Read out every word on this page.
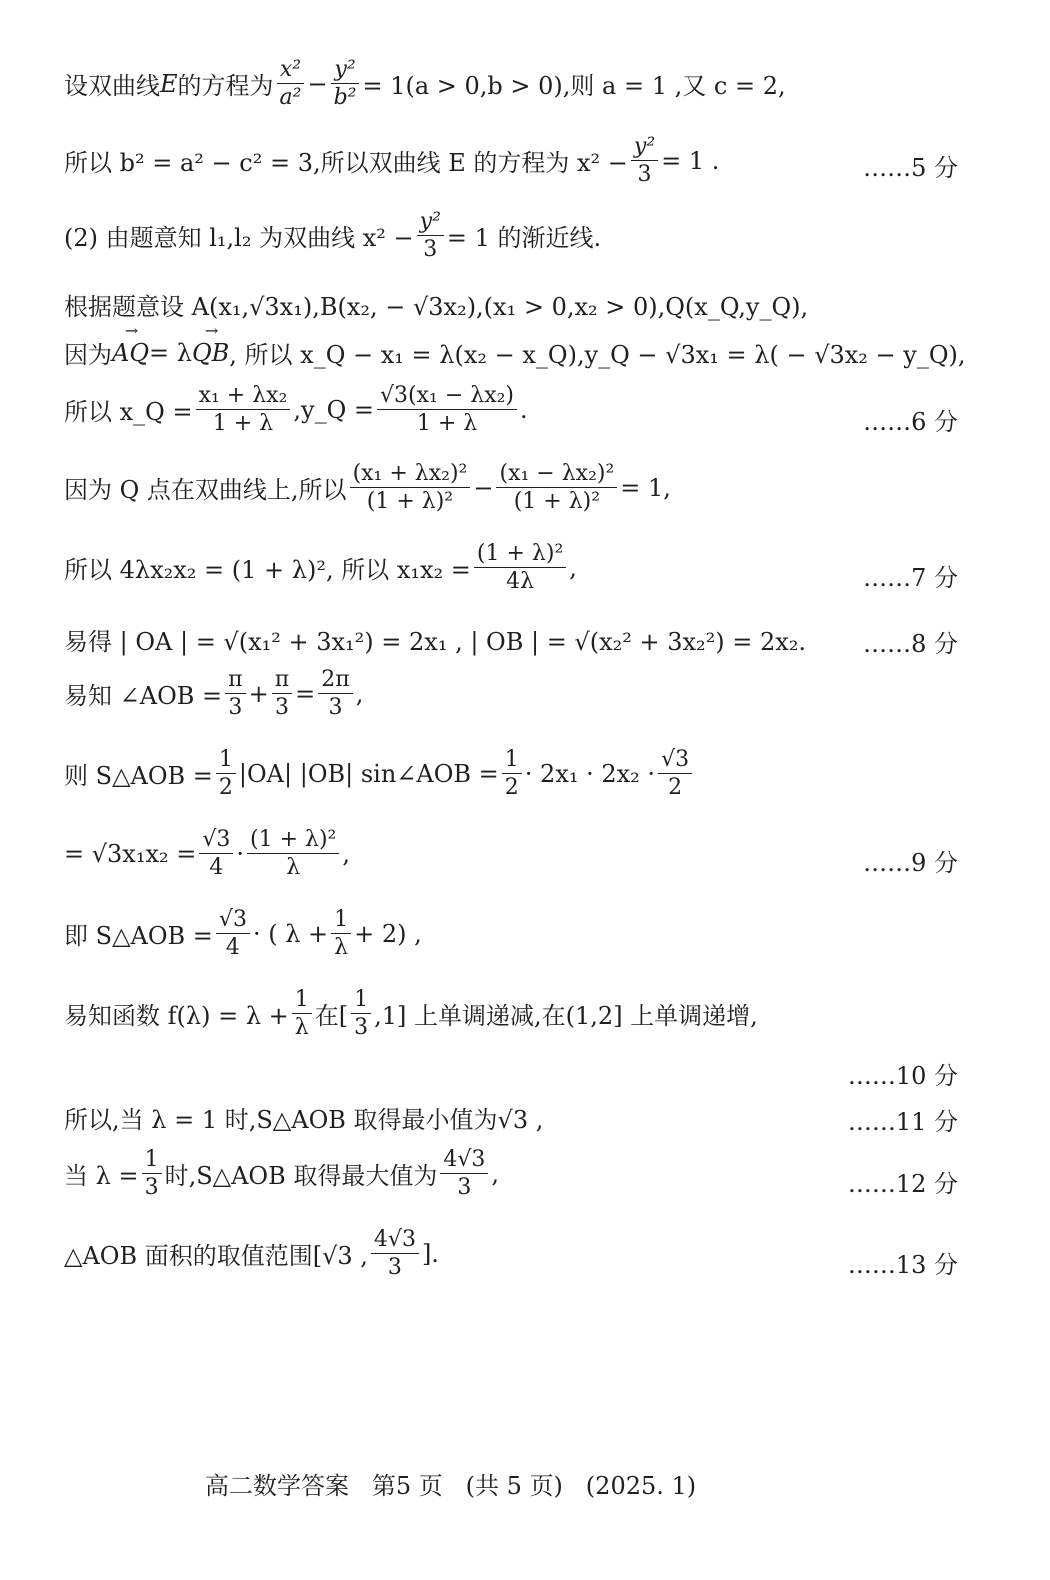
设双曲线 E 的方程为 $\frac{\text{x²}}{\text{a²}} - \frac{\text{y²}}{\text{b²}} = 1(a > 0,b > 0)$,则 a = 1 ,又 c = 2,
所以 b² = a² − c² = 3,所以双曲线 E 的方程为 $x^2 - \frac{\text{y²}}{3} = 1$ .	……5 分
(2) 由题意知 l₁,l₂ 为双曲线 $x^2 - \frac{\text{y²}}{3} = 1$ 的渐近线.
根据题意设 A(x₁,√3x₁),B(x₂, − √3x₂),(x₁ > 0,x₂ > 0),Q(x_Q,y_Q),
因为 → AQ = λ → QB , 所以 x_Q − x₁ = λ(x₂ − x_Q),y_Q − √3x₁ = λ( − √3x₂ − y_Q),
所以 x_Q = $\frac{\text{x₁ + λx₂}}{1 + \lambda}$ ,y_Q = $\frac{\text{√3(x₁ − λx₂)}}{1 + \lambda}$ .	……6 分
因为 Q 点在双曲线上,所以 $\frac{\text{(x₁ + λx₂)²}}{\text{(1 + λ)²}} - \frac{\text{(x₁ − λx₂)²}}{\text{(1 + λ)²}} = 1$,
所以 4λx₂x₂ = (1 + λ)², 所以 $x_1x_2 = \frac{\text{(1 + λ)²}}{4\lambda}$ ,	……7 分
易得 | OA | = √(x₁² + 3x₁²) = 2x₁ , | OB | = √(x₂² + 3x₂²) = 2x₂. ……8 分
易知 ∠AOB = $\frac{\pi}{3} + \frac{\pi}{3} = \frac{2\pi}{3}$ ,
则 S△AOB = $\frac{1}{2} |OA|$ |OB| sin∠AOB = $\frac{1}{2} \cdot 2x_1 \cdot 2x_2 \cdot \frac{√3}{2}$
= $√3x_1x_2 = \frac{√3}{4} \cdot \frac{\text{(1 + λ)²}}{\lambda}$ ,	……9 分
即 S△AOB = $\frac{√3}{4}$ · ( $\lambda + \frac{1}{\lambda} + 2$) ,
易知函数 $f(\lambda) = \lambda + \frac{1}{\lambda}$ 在[ $\frac{1}{3} ,1$] 上单调递减,在(1,2] 上单调递增,
……10 分
所以,当 λ = 1 时,S△AOB 取得最小值为√3 ,	……11 分
当 $\lambda = \frac{1}{3}$ 时,S△AOB 取得最大值为 $\frac{4√3}{3}$ ,	……12 分
△AOB 面积的取值范围[√3 , $\frac{4√3}{3}$ ].	……13 分
高二数学答案   第5 页   (共 5 页)   (2025. 1)
